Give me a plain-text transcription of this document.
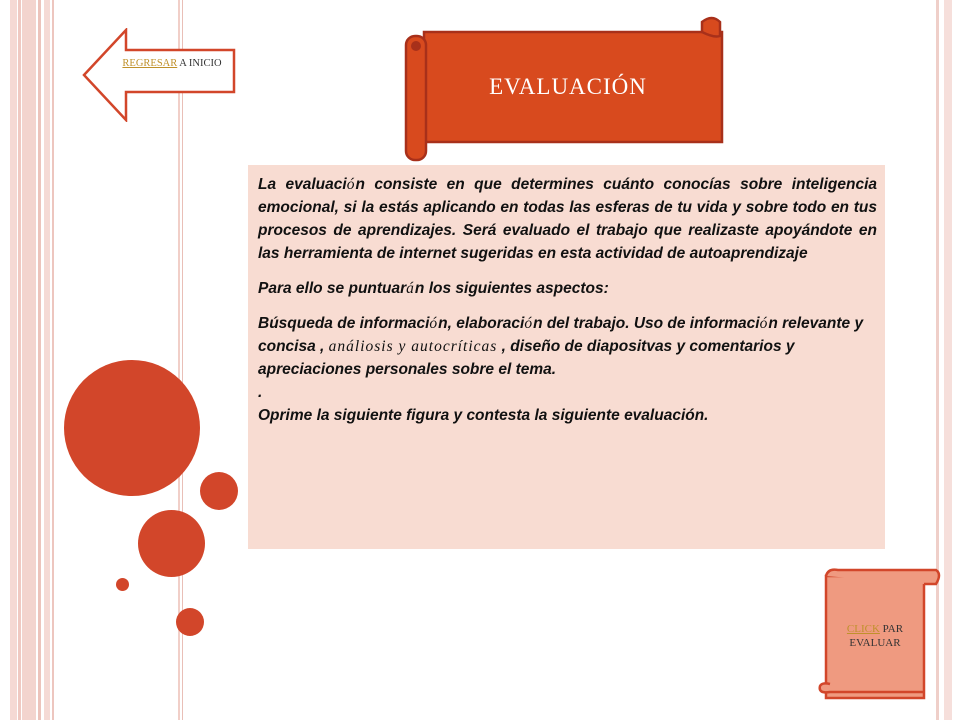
REGRESAR A INICIO
EVALUACIÓN

La evaluación consiste en que determines cuánto conocías sobre inteligencia emocional, si la estás aplicando en todas las esferas de tu vida y sobre todo en tus procesos de aprendizajes. Será evaluado el trabajo que realizaste apoyándote en las herramienta de internet sugeridas en esta actividad de autoaprendizaje

Para ello se puntuarán los siguientes aspectos:

Búsqueda de información, elaboración del trabajo. Uso de información relevante y concisa , análiosis y autocríticas , diseño de diapositvas y comentarios y apreciaciones personales sobre el tema.

.

Oprime la siguiente figura y contesta la siguiente evaluación.

CLICK PAR EVALUAR
